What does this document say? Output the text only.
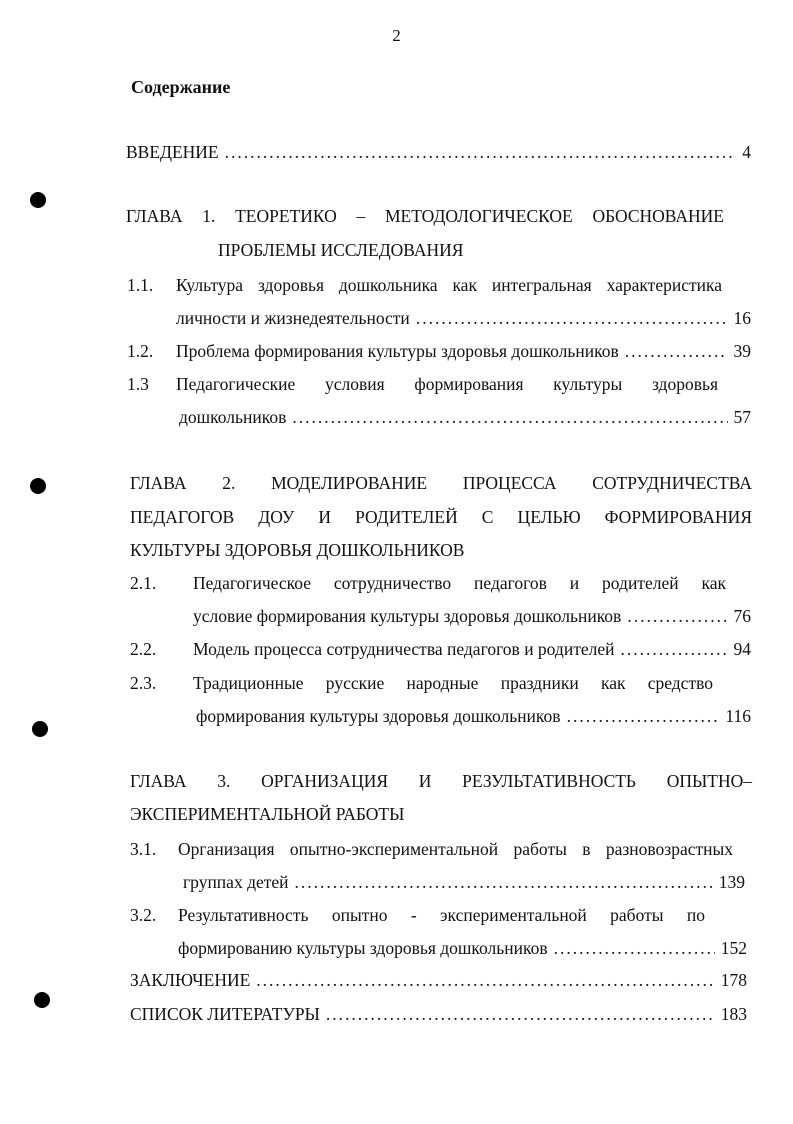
2
Содержание
ВВЕДЕНИЕ .....	4
ГЛАВА 1. ТЕОРЕТИКО – МЕТОДОЛОГИЧЕСКОЕ ОБОСНОВАНИЕ
ПРОБЛЕМЫ ИССЛЕДОВАНИЯ
1.1. Культура здоровья дошкольника как интегральная характеристика
личности и жизнедеятельности .....	16
1.2. Проблема формирования культуры здоровья дошкольников .....	39
1.3 Педагогические условия формирования культуры здоровья
дошкольников .....	57
ГЛАВА 2. МОДЕЛИРОВАНИЕ ПРОЦЕССА СОТРУДНИЧЕСТВА
ПЕДАГОГОВ ДОУ И РОДИТЕЛЕЙ С ЦЕЛЬЮ ФОРМИРОВАНИЯ
КУЛЬТУРЫ ЗДОРОВЬЯ ДОШКОЛЬНИКОВ
2.1. Педагогическое сотрудничество педагогов и родителей как
условие формирования культуры здоровья дошкольников .....	76
2.2. Модель процесса сотрудничества педагогов и родителей .....	94
2.3. Традиционные русские народные праздники как средство
формирования культуры здоровья дошкольников .....	116
ГЛАВА 3. ОРГАНИЗАЦИЯ И РЕЗУЛЬТАТИВНОСТЬ ОПЫТНО–
ЭКСПЕРИМЕНТАЛЬНОЙ РАБОТЫ
3.1. Организация опытно-экспериментальной работы в разновозрастных
группах детей .....	139
3.2. Результативность опытно - экспериментальной работы по
формированию культуры здоровья дошкольников .....	152
ЗАКЛЮЧЕНИЕ .....	178
СПИСОК ЛИТЕРАТУРЫ .....	183
